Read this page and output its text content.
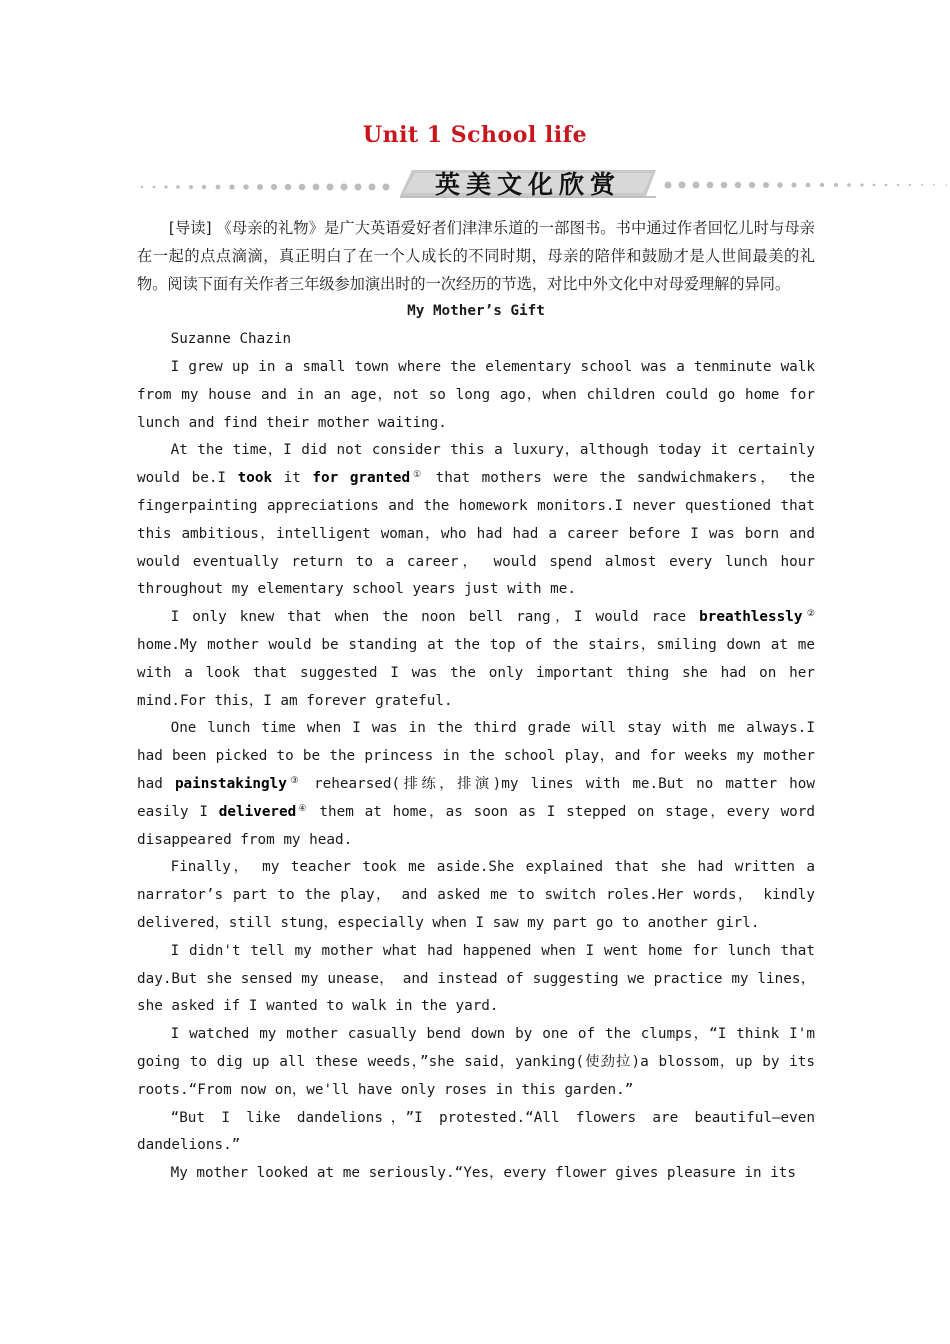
Unit 1 School life
英美文化欣赏

[导读] 《母亲的礼物》是广大英语爱好者们津津乐道的一部图书。书中通过作者回忆儿时与母亲在一起的点点滴滴，真正明白了在一个人成长的不同时期，母亲的陪伴和鼓励才是人世间最美的礼物。阅读下面有关作者三年级参加演出时的一次经历的节选，对比中外文化中对母爱理解的异同。

My Mother’s Gift

Suzanne Chazin

I grew up in a small town where the elementary school was a tenminute walk from my house and in an age，not so long ago，when children could go home for lunch and find their mother waiting.

At the time，I did not consider this a luxury，although today it certainly would be.I took it for granted① that mothers were the sandwichmakers， the fingerpainting appreciations and the homework monitors.I never questioned that this ambitious，intelligent woman，who had had a career before I was born and would eventually return to a career， would spend almost every lunch hour throughout my elementary school years just with me.

I only knew that when the noon bell rang，I would race breathlessly② home.My mother would be standing at the top of the stairs，smiling down at me with a look that suggested I was the only important thing she had on her mind.For this，I am forever grateful.

One lunch time when I was in the third grade will stay with me always.I had been picked to be the princess in the school play，and for weeks my mother had painstakingly③ rehearsed(排练，排演)my lines with me.But no matter how easily I delivered④ them at home，as soon as I stepped on stage，every word disappeared from my head.

Finally， my teacher took me aside.She explained that she had written a narrator’s part to the play， and asked me to switch roles.Her words， kindly delivered，still stung，especially when I saw my part go to another girl.

I didn't tell my mother what had happened when I went home for lunch that day.But she sensed my unease， and instead of suggesting we practice my lines，she asked if I wanted to walk in the yard.

I watched my mother casually bend down by one of the clumps，“I think I'm going to dig up all these weeds，”she said，yanking(使劲拉)a blossom，up by its roots.“From now on，we'll have only roses in this garden.”

“But I like dandelions，”I protested.“All flowers are beautiful—even dandelions.”

My mother looked at me seriously.“Yes，every flower gives pleasure in its
